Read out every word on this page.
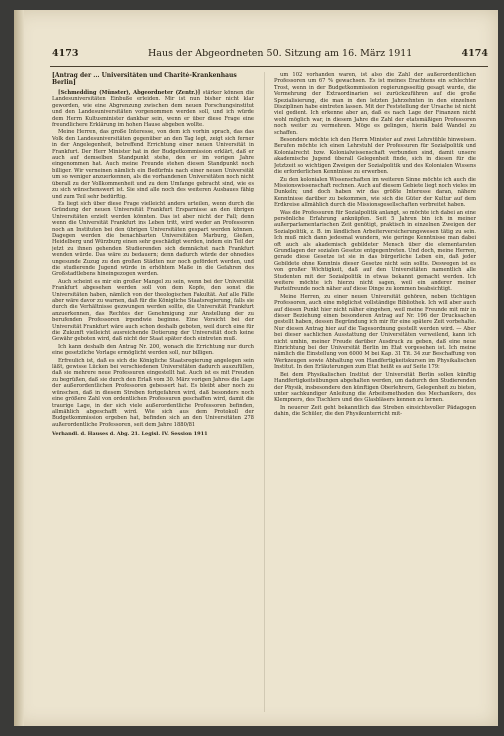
4173	Haus der Abgeordneten 50. Sitzung am 16. März 1911	4174

[Antrag der ... Universitäten und Charité-Krankenhaus Berlin]

[Schmedding (Münster), Abgeordneter (Zentr.)] stärker können die Landesuniversitäten Einbuße erleiden. Mir ist nun bisher nicht klar geworden, wie eine Abgrenzung zwischen dem neuen Forschungsinstitut und den Landesuniversitäten vorgenommen werden soll, und ich würde dem Herrn Kultusminister dankbar sein, wenn er über diese Frage eine freundlichere Erklärung im hohen Hause abgeben wollte.

Meine Herren, das große Interesse, von dem ich vorhin sprach, das das Volk den Landesuniversitäten gegenüber an den Tag legt, zeigt sich ferner in der Angelegenheit, betreffend Errichtung einer neuen Universität in Frankfurt. Der Herr Minister hat in der Budgetkommission erklärt, daß er auch auf demselben Standpunkt stehe, den er im vorigen Jahre eingenommen hat. Auch meine Freunde stehen diesen Standpunkt noch billiger. Wir verneinen nämlich ein Bedürfnis nach einer neuen Universität um so weniger anzuerkennen, als die vorhandenen Universitäten noch nicht überall zu der Vollkommenheit und zu dem Umfange gebracht sind, wie es zu sich wünschenswert ist. Sie sind alle noch des weiteren Ausbaues fähig und zum Teil sehr bedürftig.

Es liegt sich über diese Frage vielleicht anders urteilen, wenn durch die Gründung der neuen Universität Frankfurt Ersparnisse an den übrigen Universitäten erzielt werden könnten. Das ist aber nicht der Fall; denn wenn die Universität Frankfurt ins Leben tritt, wird weder an Professoren noch an Instituten bei den übrigen Universitäten gespart werden können. Dagegen werden die benachbarten Universitäten Marburg, Gießen, Heidelberg und Würzburg einen sehr geschädigt werden, indem ein Teil der jetzt zu ihnen gehenden Studierenden sich demnächst nach Frankfurt wenden würde. Das wäre zu bedauern; denn dadurch würde der ohnedies ungesunde Zuzug zu den großen Städten nur noch gefördert werden, und die studierende Jugend würde in erhöhtem Maße in die Gefahren des Großstadtlebens hineingezogen werden.

Auch scheint es mir ein großer Mangel zu sein, wenn bei der Universität Frankfurt abgesehen werden soll von dem Kopfe, den sonst die Universitäten haben, nämlich von der theologischen Fakultät. Auf alle Fälle aber wäre davor zu warnen, daß für die Königliche Staatsregierung, falls sie durch die Verhältnisse gezwungen werden sollte, die Universität Frankfurt anzuerkennen, das Rechtes der Genehmigung zur Anstellung der zu berufenden Professoren irgendwie beginne. Eine Vorsicht bei der Universität Frankfurt wäre auch schon deshalb geboten, weil durch eine für die Zukunft vielleicht ausreichende Dotierung der Universität doch keine Gewähr geboten wird, daß nicht der Staat später doch eintreten muß.

Ich kann deshalb den Antrag Nr. 200, wonach die Errichtung nur durch eine gesetzliche Vorlage ermöglicht werden soll, nur billigen.

Erfreulich ist, daß es sich die Königliche Staatsregierung angelegen sein läßt, gewisse Lücken bei verschiedenen Universitäten dadurch auszufüllen, daß sie mehrere neue Professuren eingestellt hat. Auch ist es mit Freuden zu begrüßen, daß sie durch den Erlaß vom 30. März vorigen Jahres die Lage der außerordentlichen Professoren gebessert hat. Es bleibt aber noch zu wünschen, daß in diesem Streben fortgefahren wird, daß besonders noch eine größere Zahl von ordentlichen Professuren geschaffen wird, damit die traurige Lage, in der sich viele außerordentliche Professoren befinden, allmählich abgeschafft wird. Wie sich aus dem Protokoll der Budgetkommission ergeben hat, befinden sich an den Universitäten 278 außerordentliche Professoren, seit dem Jahre 1880/81

Verhandl. d. Hauses d. Abg. 21. Legisl. IV. Session 1911

um 102 vorhanden waren, ist also die Zahl der außerordentlichen Professoren um 67 % gewachsen. Es ist meines Erachtens ein schlechter Trost, wenn in der Budgetkommission regierungsseitig gesagt wurde, die Vermehrung der Extraordinarien sei zurückzuführen auf die große Spezialisierung, die man in den letzten Jahrzehnten in den einzelnen Disziplinen habe eintreten lassen. Mit der Feststellung der Ursache ist nicht viel gedient. Ich erkenne aber an, daß es nach Lage der Finanzen nicht wohl möglich war, in diesem Jahre die Zahl der etatsmäßigen Professoren noch weiter zu vermehren. Möge es gelingen, hierin bald Wandel zu schaffen.

Besonders möchte ich den Herrn Minister auf zwei Lehrstühle hinweisen. Berufen möchte ich einen Lehrstuhl der Professuren für Sozialpolitik und Kolonialrecht bzw. Kolonialwissenschaft verbunden sind, damit unsere akademische Jugend überall Gelegenheit finde, sich in diesen für die Jetztzeit so wichtigen Zweigen der Sozialpolitik und des Kolonialen Wissens die erforderlichen Kenntnisse zu erwerben.

Zu den kolonialen Wissenschaften im weiteren Sinne möchte ich auch die Missionswissenschaft rechnen. Auch auf diesem Gebiete liegt noch vieles im Dunkeln; und doch haben wir das größte Interesse daran, nähere Kenntnisse darüber zu bekommen, wie sich die Güter der Kultur auf dem Erdkreise allmählich durch die Missionsgesellschaften verbreitet haben.

Was die Professuren für Sozialpolitik anlangt, so möchte ich dabei an eine persönliche Erfahrung anknüpfen. Seit 5 Jahren bin ich in meiner außerparlamentarischen Zeit genötigt, praktisch in einzelnen Zweigen der Sozialpolitik, z. B. im ländlichen Arbeiterversicherungswesen tätig zu sein. Ich muß mich dann jedesmal wundern, wie geringe Kenntnisse man dabei oft auch als akademisch gebildeter Mensch über die elementarsten Grundlagen der sozialen Gesetze entgegentreten. Und doch, meine Herren, gerade diese Gesetze ist sie in das bürgerliche Leben ein, daß jeder Gebildete ohne Kenntnis dieser Gesetze nicht sein sollte. Deswegen ist es von großer Wichtigkeit, daß auf den Universitäten namentlich alle Studenten mit der Sozialpolitik in etwas bekannt gemacht werden. Ich weitere möchte ich hierzu nicht sagen, weil ein anderer meiner Parteifreunde noch näher auf diese Dinge zu kommen beabsichtigt.

Meine Herren, zu einer neuen Universität gehören, neben tüchtigen Professoren, auch eine möglichst vollständige Bibliothek. Ich will aber auch auf diesen Punkt hier nicht näher eingehen, weil meine Freunde mit mir in dieser Beziehung einen besonderen Antrag auf Nr. 196 der Drucksachen gestellt haben, dessen Begründung ich mir für eine spätere Zeit vorbehalte. Nur diesen Antrag hier auf die Tagesordnung gestellt werden wird. — Aber bei dieser sachlichen Ausstattung der Universitäten verweilend, kann ich nicht umhin, meiner Freude darüber Ausdruck zu geben, daß eine neue Einrichtung bei der Universität Berlin im Etat vorgesehen ist. Ich meine nämlich die Einstellung von 6000 M bei Kap. 31 Tit. 34 zur Beschaffung von Werkzeugen sowie Abhaltung von Handfertigkeitskursen im Physikalischen Institut. In den Erläuterungen zum Etat heißt es auf Seite 179:

Bei dem Physikalischen Institut der Universität Berlin sollen künftig Handfertigkeitsübungen abgehalten werden, um dadurch den Studierenden der Physik, insbesondere den künftigen Oberlehrern, Gelegenheit zu bieten, unter sachkundiger Anleitung die Arbeitsmethoden des Mechanikers, des Klempners, des Tischlers und des Glasbläsers kennen zu lernen.

In neuerer Zeit geht bekanntlich das Streben einsichtsvoller Pädagogen dahin, die Schüler, die den Physikunterricht mit-
